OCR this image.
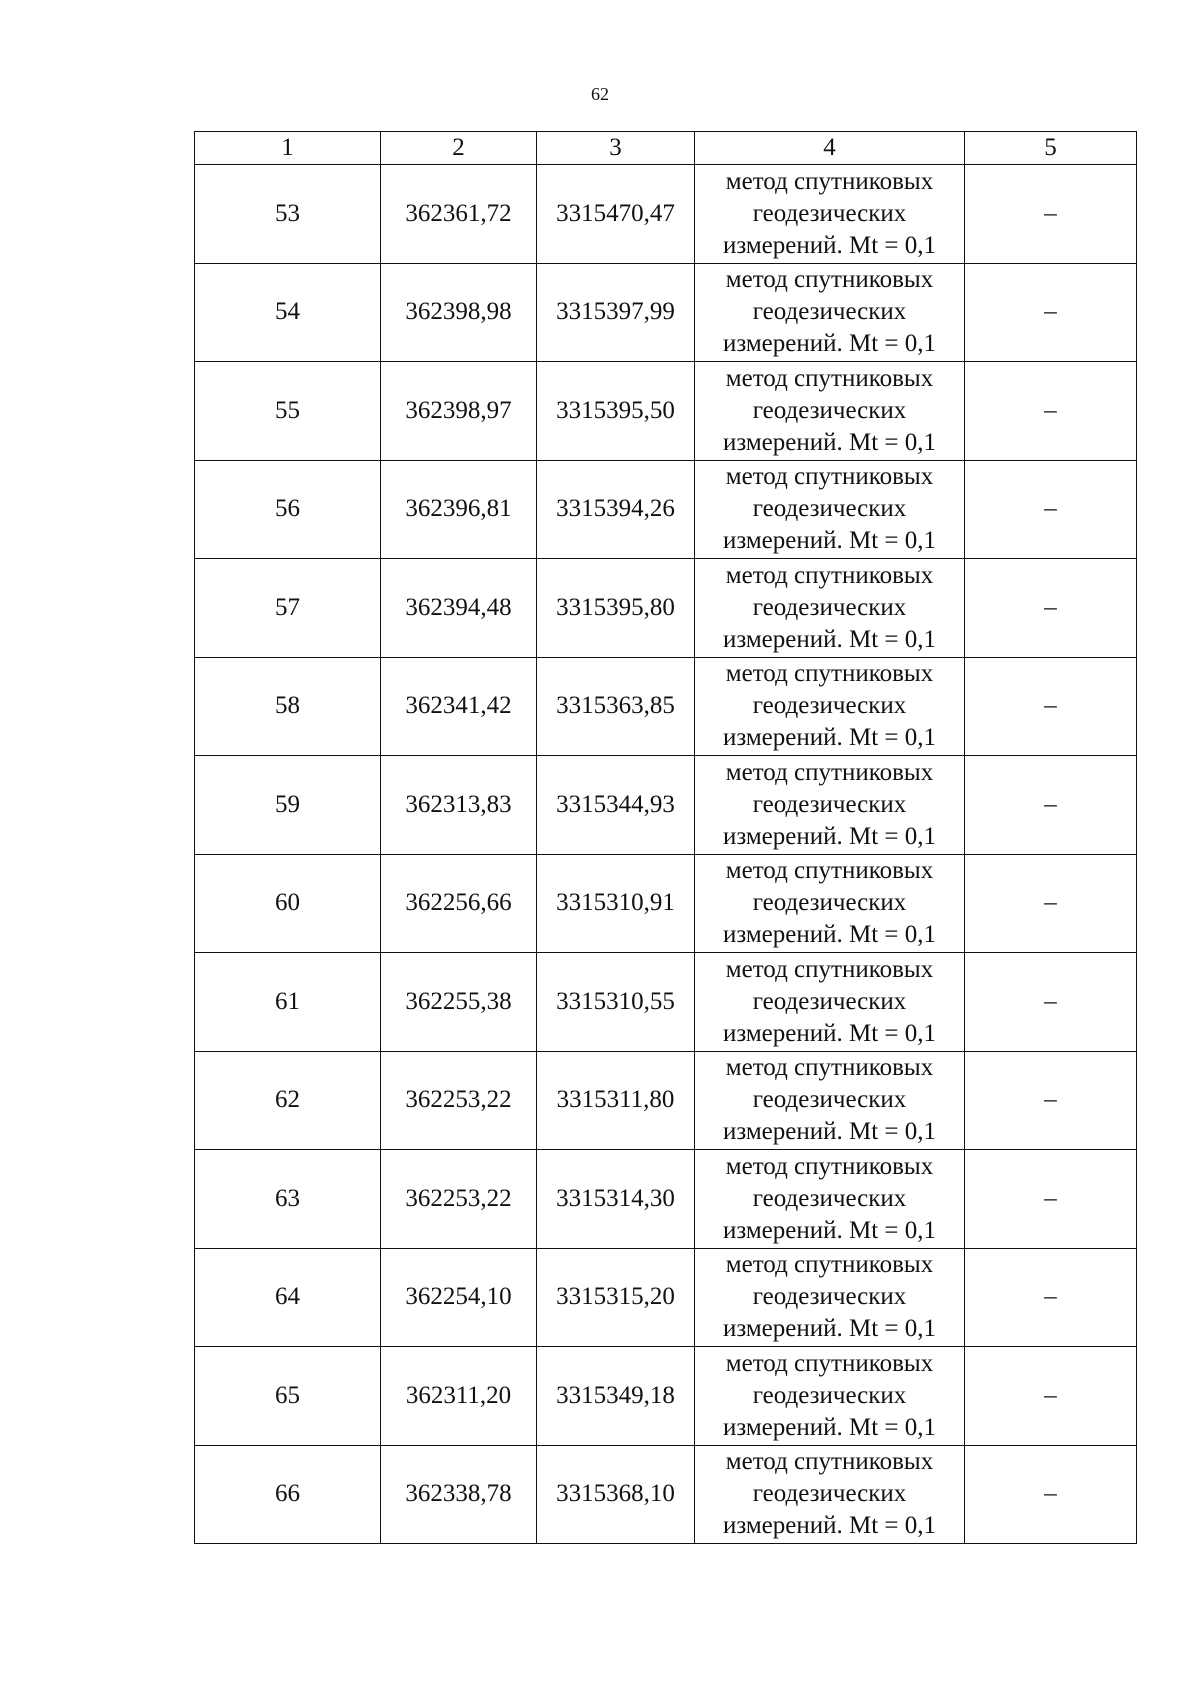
62
1	2	3	4	5
53	362361,72	3315470,47	метод спутниковых
геодезических
измерений. Mt = 0,1	–
54	362398,98	3315397,99	метод спутниковых
геодезических
измерений. Mt = 0,1	–
55	362398,97	3315395,50	метод спутниковых
геодезических
измерений. Mt = 0,1	–
56	362396,81	3315394,26	метод спутниковых
геодезических
измерений. Mt = 0,1	–
57	362394,48	3315395,80	метод спутниковых
геодезических
измерений. Mt = 0,1	–
58	362341,42	3315363,85	метод спутниковых
геодезических
измерений. Mt = 0,1	–
59	362313,83	3315344,93	метод спутниковых
геодезических
измерений. Mt = 0,1	–
60	362256,66	3315310,91	метод спутниковых
геодезических
измерений. Mt = 0,1	–
61	362255,38	3315310,55	метод спутниковых
геодезических
измерений. Mt = 0,1	–
62	362253,22	3315311,80	метод спутниковых
геодезических
измерений. Mt = 0,1	–
63	362253,22	3315314,30	метод спутниковых
геодезических
измерений. Mt = 0,1	–
64	362254,10	3315315,20	метод спутниковых
геодезических
измерений. Mt = 0,1	–
65	362311,20	3315349,18	метод спутниковых
геодезических
измерений. Mt = 0,1	–
66	362338,78	3315368,10	метод спутниковых
геодезических
измерений. Mt = 0,1	–
